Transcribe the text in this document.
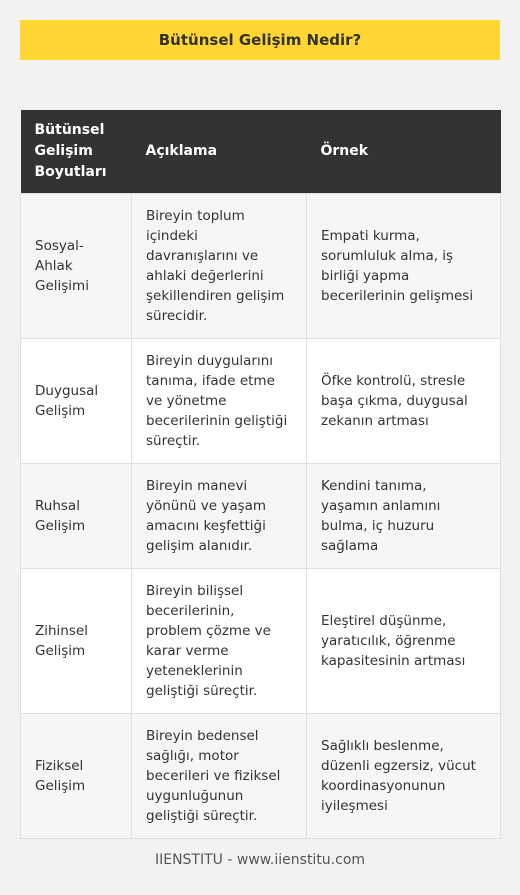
Bütünsel Gelişim Nedir?
Bütünsel Gelişim Boyutları	Açıklama	Örnek
Sosyal-Ahlak Gelişimi	Bireyin toplum içindeki davranışlarını ve ahlaki değerlerini şekillendiren gelişim sürecidir.	Empati kurma, sorumluluk alma, iş birliği yapma becerilerinin gelişmesi
Duygusal Gelişim	Bireyin duygularını tanıma, ifade etme ve yönetme becerilerinin geliştiği süreçtir.	Öfke kontrolü, stresle başa çıkma, duygusal zekanın artması
Ruhsal Gelişim	Bireyin manevi yönünü ve yaşam amacını keşfettiği gelişim alanıdır.	Kendini tanıma, yaşamın anlamını bulma, iç huzuru sağlama
Zihinsel Gelişim	Bireyin bilişsel becerilerinin, problem çözme ve karar verme yeteneklerinin geliştiği süreçtir.	Eleştirel düşünme, yaratıcılık, öğrenme kapasitesinin artması
Fiziksel Gelişim	Bireyin bedensel sağlığı, motor becerileri ve fiziksel uygunluğunun geliştiği süreçtir.	Sağlıklı beslenme, düzenli egzersiz, vücut koordinasyonunun iyileşmesi
IIENSTITU - www.iienstitu.com
